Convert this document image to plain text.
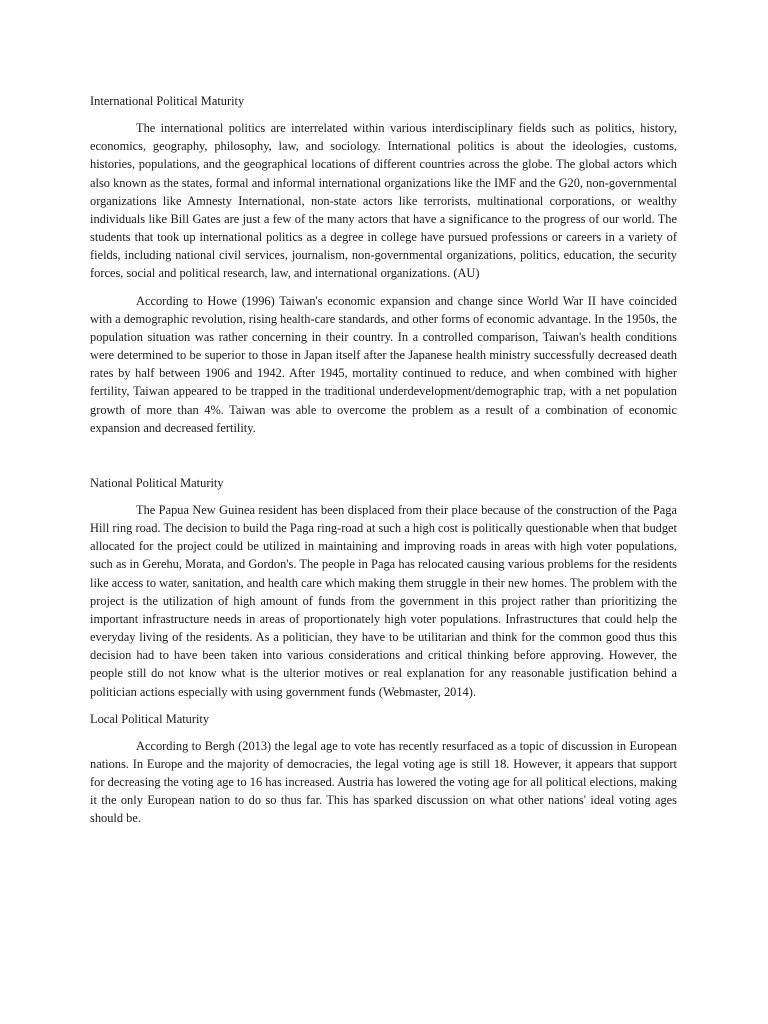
International Political Maturity

The international politics are interrelated within various interdisciplinary fields such as politics, history, economics, geography, philosophy, law, and sociology. International politics is about the ideologies, customs, histories, populations, and the geographical locations of different countries across the globe. The global actors which also known as the states, formal and informal international organizations like the IMF and the G20, non-governmental organizations like Amnesty International, non-state actors like terrorists, multinational corporations, or wealthy individuals like Bill Gates are just a few of the many actors that have a significance to the progress of our world. The students that took up international politics as a degree in college have pursued professions or careers in a variety of fields, including national civil services, journalism, non-governmental organizations, politics, education, the security forces, social and political research, law, and international organizations. (AU)

According to Howe (1996) Taiwan's economic expansion and change since World War II have coincided with a demographic revolution, rising health-care standards, and other forms of economic advantage. In the 1950s, the population situation was rather concerning in their country. In a controlled comparison, Taiwan's health conditions were determined to be superior to those in Japan itself after the Japanese health ministry successfully decreased death rates by half between 1906 and 1942. After 1945, mortality continued to reduce, and when combined with higher fertility, Taiwan appeared to be trapped in the traditional underdevelopment/demographic trap, with a net population growth of more than 4%. Taiwan was able to overcome the problem as a result of a combination of economic expansion and decreased fertility.

National Political Maturity

The Papua New Guinea resident has been displaced from their place because of the construction of the Paga Hill ring road. The decision to build the Paga ring-road at such a high cost is politically questionable when that budget allocated for the project could be utilized in maintaining and improving roads in areas with high voter populations, such as in Gerehu, Morata, and Gordon's. The people in Paga has relocated causing various problems for the residents like access to water, sanitation, and health care which making them struggle in their new homes. The problem with the project is the utilization of high amount of funds from the government in this project rather than prioritizing the important infrastructure needs in areas of proportionately high voter populations. Infrastructures that could help the everyday living of the residents. As a politician, they have to be utilitarian and think for the common good thus this decision had to have been taken into various considerations and critical thinking before approving. However, the people still do not know what is the ulterior motives or real explanation for any reasonable justification behind a politician actions especially with using government funds (Webmaster, 2014).

Local Political Maturity

According to Bergh (2013) the legal age to vote has recently resurfaced as a topic of discussion in European nations. In Europe and the majority of democracies, the legal voting age is still 18. However, it appears that support for decreasing the voting age to 16 has increased. Austria has lowered the voting age for all political elections, making it the only European nation to do so thus far. This has sparked discussion on what other nations' ideal voting ages should be.
